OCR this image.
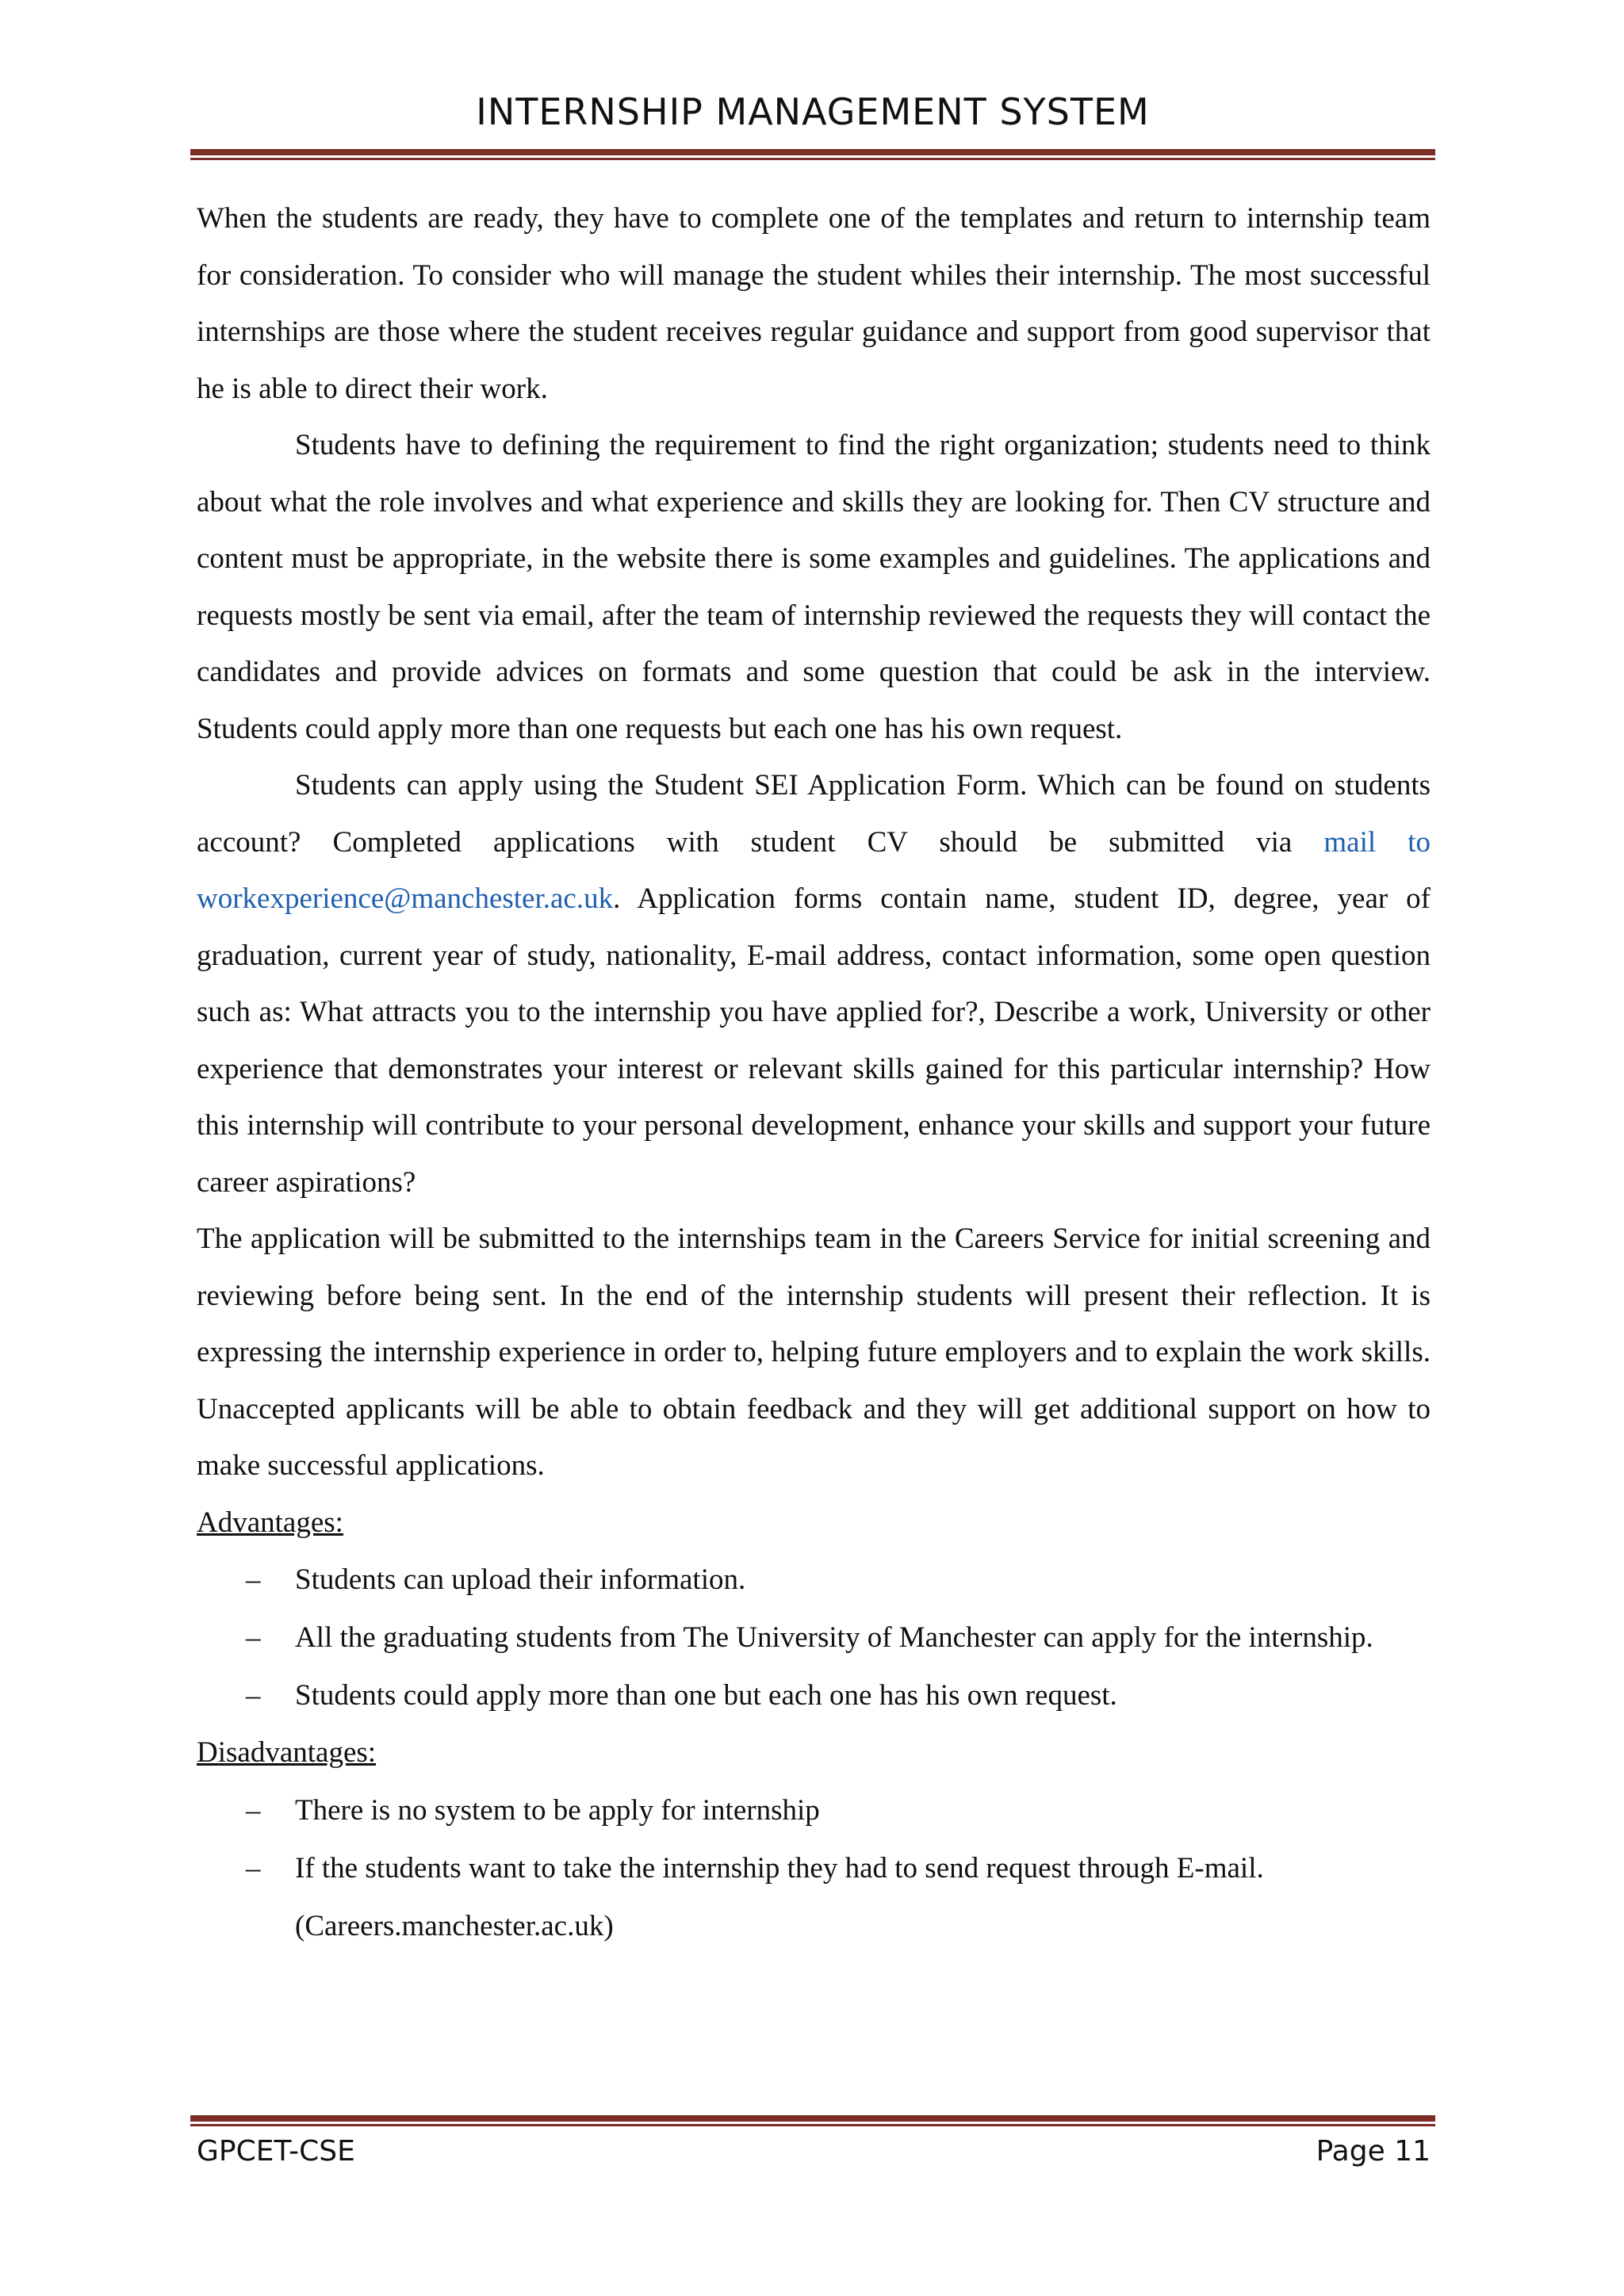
INTERNSHIP MANAGEMENT SYSTEM

When the students are ready, they have to complete one of the templates and return to internship team for consideration. To consider who will manage the student whiles their internship. The most successful internships are those where the student receives regular guidance and support from good supervisor that he is able to direct their work.

Students have to defining the requirement to find the right organization; students need to think about what the role involves and what experience and skills they are looking for. Then CV structure and content must be appropriate, in the website there is some examples and guidelines. The applications and requests mostly be sent via email, after the team of internship reviewed the requests they will contact the candidates and provide advices on formats and some question that could be ask in the interview. Students could apply more than one requests but each one has his own request.

Students can apply using the Student SEI Application Form. Which can be found on students account? Completed applications with student CV should be submitted via mail to workexperience@manchester.ac.uk. Application forms contain name, student ID, degree, year of graduation, current year of study, nationality, E-mail address, contact information, some open question such as: What attracts you to the internship you have applied for?, Describe a work, University or other experience that demonstrates your interest or relevant skills gained for this particular internship? How this internship will contribute to your personal development, enhance your skills and support your future career aspirations?

The application will be submitted to the internships team in the Careers Service for initial screening and reviewing before being sent. In the end of the internship students will present their reflection. It is expressing the internship experience in order to, helping future employers and to explain the work skills. Unaccepted applicants will be able to obtain feedback and they will get additional support on how to make successful applications.

Advantages:

– Students can upload their information.
– All the graduating students from The University of Manchester can apply for the internship.
– Students could apply more than one but each one has his own request.

Disadvantages:

– There is no system to be apply for internship
– If the students want to take the internship they had to send request through E-mail.(Careers.manchester.ac.uk)
GPCET-CSE	Page 11
